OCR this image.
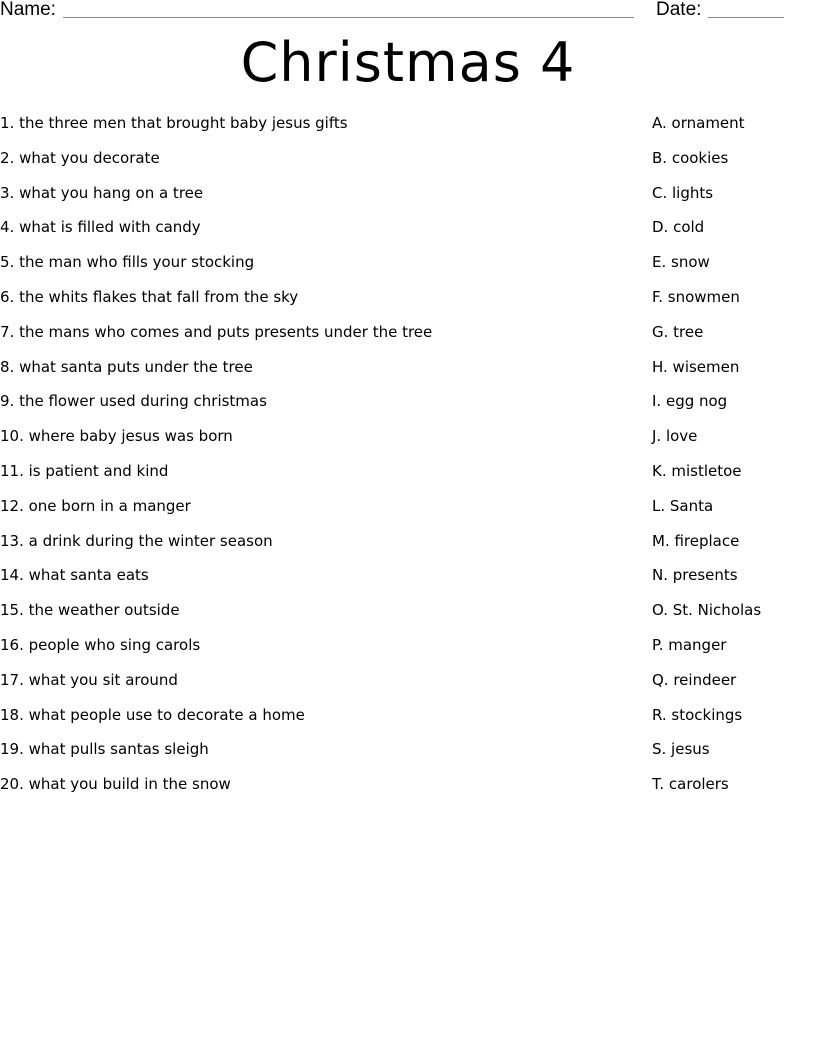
Name:	Date:
Christmas 4
1. the three men that brought baby jesus gifts
2. what you decorate
3. what you hang on a tree
4. what is filled with candy
5. the man who fills your stocking
6. the whits flakes that fall from the sky
7. the mans who comes and puts presents under the tree
8. what santa puts under the tree
9. the flower used during christmas
10. where baby jesus was born
11. is patient and kind
12. one born in a manger
13. a drink during the winter season
14. what santa eats
15. the weather outside
16. people who sing carols
17. what you sit around
18. what people use to decorate a home
19. what pulls santas sleigh
20. what you build in the snow
A. ornament
B. cookies
C. lights
D. cold
E. snow
F. snowmen
G. tree
H. wisemen
I. egg nog
J. love
K. mistletoe
L. Santa
M. fireplace
N. presents
O. St. Nicholas
P. manger
Q. reindeer
R. stockings
S. jesus
T. carolers
